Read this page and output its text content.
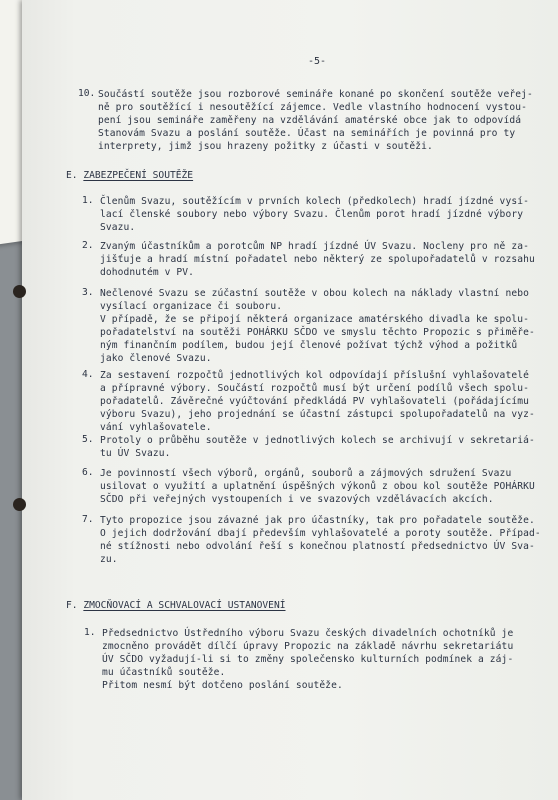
-5-
10. Součástí soutěže jsou rozborové semináře konané po skončení soutěže veřej-
ně pro soutěžící i nesoutěžící zájemce. Vedle vlastního hodnocení vystou-
pení jsou semináře zaměřeny na vzdělávání amatérské obce jak to odpovídá
Stanovám Svazu a poslání soutěže. Účast na seminářích je povinná pro ty
interprety, jimž jsou hrazeny požitky z účasti v soutěži.
E. ZABEZPEČENÍ SOUTĚŽE
1. Členům Svazu, soutěžícím v prvních kolech (předkolech) hradí jízdné vysí-
lací členské soubory nebo výbory Svazu. Členům porot hradí jízdné výbory
Svazu.
2. Zvaným účastníkům a porotcům NP hradí jízdné ÚV Svazu. Nocleny pro ně za-
jišťuje a hradí místní pořadatel nebo některý ze spolupořadatelů v rozsahu
dohodnutém v PV.
3. Nečlenové Svazu se zúčastní soutěže v obou kolech na náklady vlastní nebo
vysílací organizace či souboru.
V případě, že se připojí některá organizace amatérského divadla ke spolu-
pořadatelství na soutěži POHÁRKU SČDO ve smyslu těchto Propozic s přiměře-
ným finančním podílem, budou její členové požívat týchž výhod a požitků
jako členové Svazu.
4. Za sestavení rozpočtů jednotlivých kol odpovídají příslušní vyhlašovatelé
a přípravné výbory. Součástí rozpočtů musí být určení podílů všech spolu-
pořadatelů. Závěrečné vyúčtování předkládá PV vyhlašovateli (pořádajícímu
výboru Svazu), jeho projednání se účastní zástupci spolupořadatelů na vyz-
vání vyhlašovatele.
5. Protoly o průběhu soutěže v jednotlivých kolech se archivují v sekretariá-
tu ÚV Svazu.
6. Je povinností všech výborů, orgánů, souborů a zájmových sdružení Svazu
usilovat o využití a uplatnění úspěšných výkonů z obou kol soutěže POHÁRKU
SČDO při veřejných vystoupeních i ve svazových vzdělávacích akcích.
7. Tyto propozice jsou závazné jak pro účastníky, tak pro pořadatele soutěže.
O jejich dodržování dbají především vyhlašovatelé a poroty soutěže. Případ-
né stížnosti nebo odvolání řeší s konečnou platností předsednictvo ÚV Sva-
zu.
F. ZMOCŇOVACÍ A SCHVALOVACÍ USTANOVENÍ
1. Předsednictvo Ústředního výboru Svazu českých divadelních ochotníků je
zmocněno provádět dílčí úpravy Propozic na základě návrhu sekretariátu
ÚV SČDO vyžadují-li si to změny společensko kulturních podmínek a záj-
mu účastníků soutěže.
Přitom nesmí být dotčeno poslání soutěže.
